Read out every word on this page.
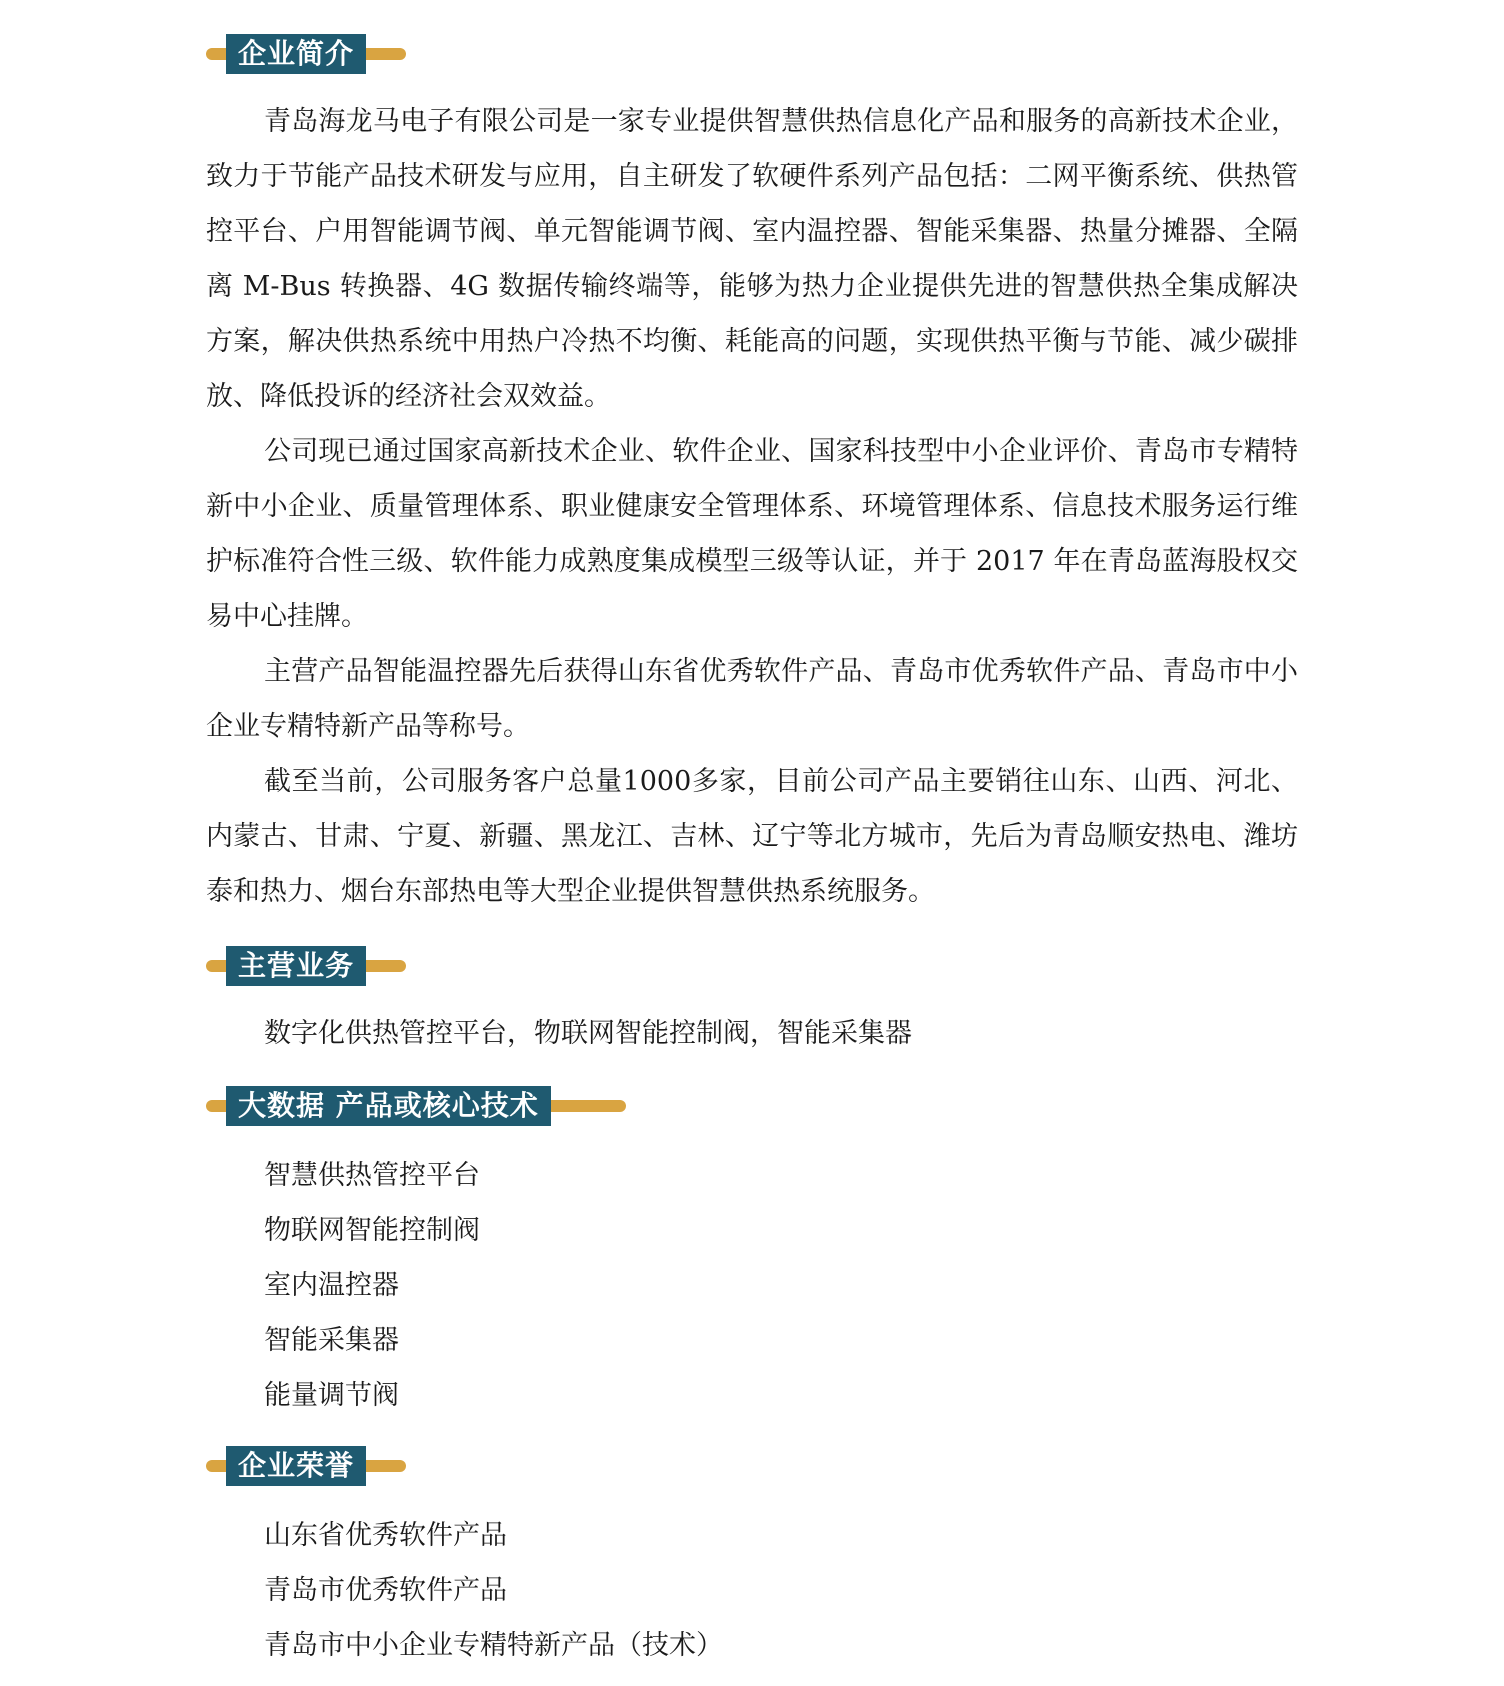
企业简介

青岛海龙马电子有限公司是一家专业提供智慧供热信息化产品和服务的高新技术企业，致力于节能产品技术研发与应用，自主研发了软硬件系列产品包括：二网平衡系统、供热管控平台、户用智能调节阀、单元智能调节阀、室内温控器、智能采集器、热量分摊器、全隔离 M-Bus 转换器、4G 数据传输终端等，能够为热力企业提供先进的智慧供热全集成解决方案，解决供热系统中用热户冷热不均衡、耗能高的问题，实现供热平衡与节能、减少碳排放、降低投诉的经济社会双效益。

公司现已通过国家高新技术企业、软件企业、国家科技型中小企业评价、青岛市专精特新中小企业、质量管理体系、职业健康安全管理体系、环境管理体系、信息技术服务运行维护标准符合性三级、软件能力成熟度集成模型三级等认证，并于 2017 年在青岛蓝海股权交易中心挂牌。

主营产品智能温控器先后获得山东省优秀软件产品、青岛市优秀软件产品、青岛市中小企业专精特新产品等称号。

截至当前，公司服务客户总量1000多家，目前公司产品主要销往山东、山西、河北、内蒙古、甘肃、宁夏、新疆、黑龙江、吉林、辽宁等北方城市，先后为青岛顺安热电、潍坊泰和热力、烟台东部热电等大型企业提供智慧供热系统服务。

主营业务

数字化供热管控平台，物联网智能控制阀，智能采集器

大数据 产品或核心技术
智慧供热管控平台
物联网智能控制阀
室内温控器
智能采集器
能量调节阀
企业荣誉
山东省优秀软件产品
青岛市优秀软件产品
青岛市中小企业专精特新产品（技术）
